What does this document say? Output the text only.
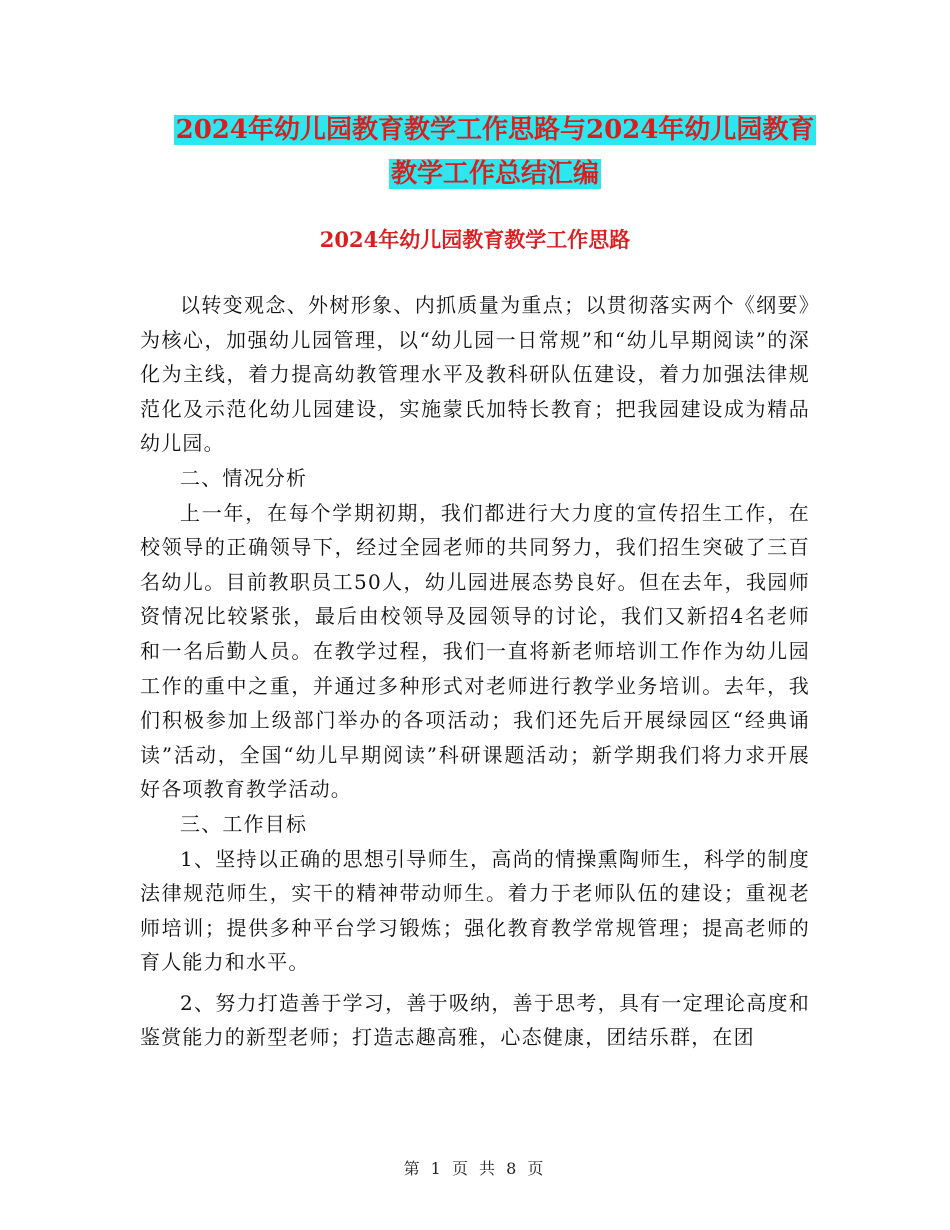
2024年幼儿园教育教学工作思路与2024年幼儿园教育
教学工作总结汇编
2024年幼儿园教育教学工作思路

以转变观念、外树形象、内抓质量为重点；以贯彻落实两个《纲要》为核心，加强幼儿园管理，以“幼儿园一日常规”和“幼儿早期阅读”的深化为主线，着力提高幼教管理水平及教科研队伍建设，着力加强法律规范化及示范化幼儿园建设，实施蒙氏加特长教育；把我园建设成为精品幼儿园。

二、情况分析

上一年，在每个学期初期，我们都进行大力度的宣传招生工作，在校领导的正确领导下，经过全园老师的共同努力，我们招生突破了三百名幼儿。目前教职员工50人，幼儿园进展态势良好。但在去年，我园师资情况比较紧张，最后由校领导及园领导的讨论，我们又新招4名老师和一名后勤人员。在教学过程，我们一直将新老师培训工作作为幼儿园工作的重中之重，并通过多种形式对老师进行教学业务培训。去年，我们积极参加上级部门举办的各项活动；我们还先后开展绿园区“经典诵读”活动，全国“幼儿早期阅读”科研课题活动；新学期我们将力求开展好各项教育教学活动。

三、工作目标

1、坚持以正确的思想引导师生，高尚的情操熏陶师生，科学的制度法律规范师生，实干的精神带动师生。着力于老师队伍的建设；重视老师培训；提供多种平台学习锻炼；强化教育教学常规管理；提高老师的育人能力和水平。

2、努力打造善于学习，善于吸纳，善于思考，具有一定理论高度和鉴赏能力的新型老师；打造志趣高雅，心态健康，团结乐群，在团

第 1 页 共 8 页
